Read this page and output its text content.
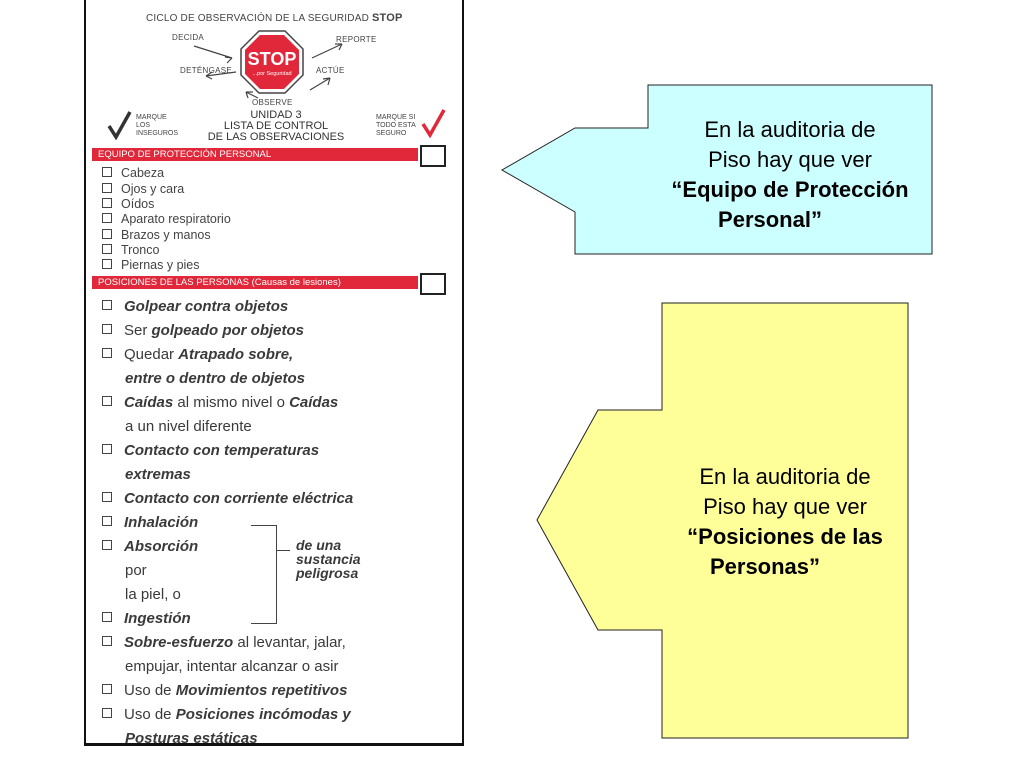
CICLO DE OBSERVACIÓN DE LA SEGURIDAD STOP
DECIDA	REPORTE
DETÉNGASE	ACTÚE
OBSERVE
STOP
...por Seguridad
UNIDAD 3
LISTA DE CONTROL
DE LAS OBSERVACIONES
MARQUE
LOS
INSEGUROS
MARQUE SI
TODO ESTA
SEGURO
EQUIPO DE PROTECCIÓN PERSONAL
Cabeza
Ojos y cara
Oídos
Aparato respiratorio
Brazos y manos
Tronco
Piernas y pies
POSICIONES DE LAS PERSONAS (Causas de lesiones)
Golpear contra objetos
Ser golpeado por objetos
Quedar Atrapado sobre,
entre o dentro de objetos
Caídas al mismo nivel o Caídas
a un nivel diferente
Contacto con temperaturas
extremas
Contacto con corriente eléctrica
Inhalación
Absorción
por
la piel, o
Ingestión
de una
sustancia
peligrosa
Sobre-esfuerzo al levantar, jalar,
empujar, intentar alcanzar o asir
Uso de Movimientos repetitivos
Uso de Posiciones incómodas y
Posturas estáticas
En la auditoria de
Piso hay que ver
“Equipo de Protección
Personal”
En la auditoria de
Piso hay que ver
“Posiciones de las
Personas”
